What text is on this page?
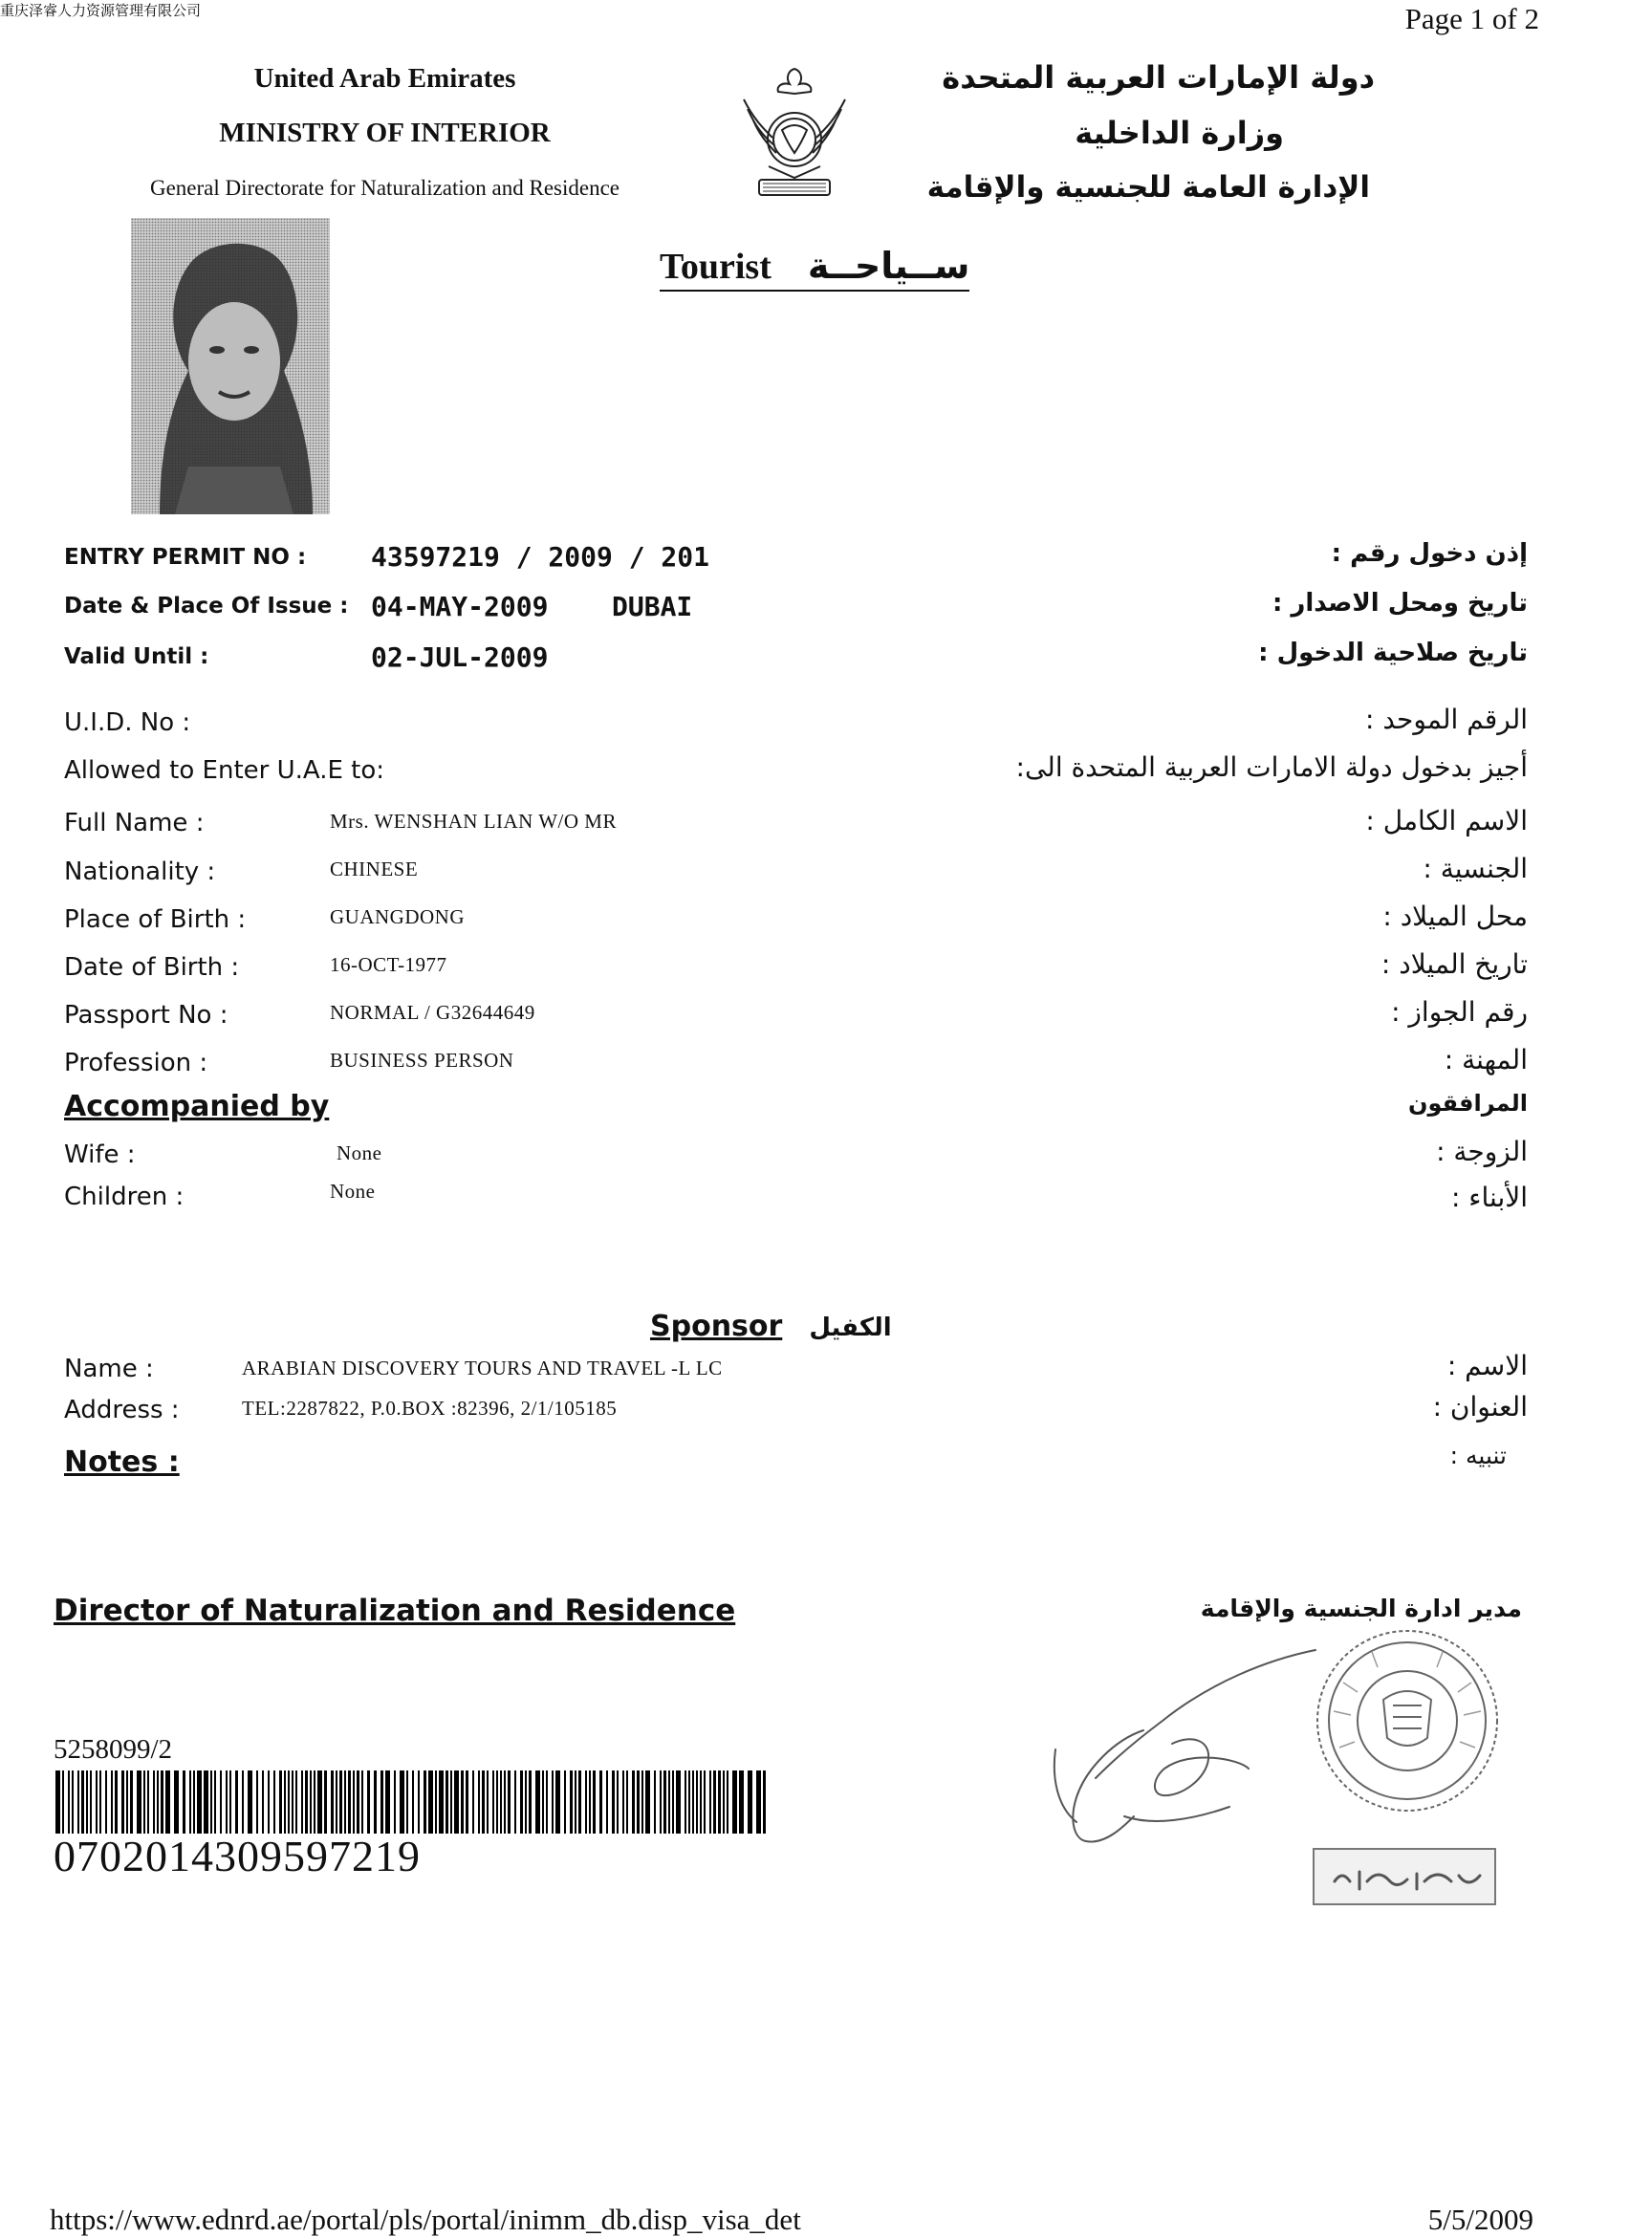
重庆泽睿人力资源管理有限公司	Page 1 of 2
United Arab Emirates
MINISTRY OF INTERIOR
General Directorate for Naturalization and Residence
دولة الإمارات العربية المتحدة
وزارة الداخلية
الإدارة العامة للجنسية والإقامة
Tourist ســياحــة
ENTRY PERMIT NO : 43597219 / 2009 / 201	إذن دخول رقم :
Date & Place Of Issue : 04-MAY-2009 DUBAI	تاريخ ومحل الاصدار :
Valid Until :	02-JUL-2009	تاريخ صلاحية الدخول :
U.I.D. No :	الرقم الموحد :
Allowed to Enter U.A.E to:	أجيز بدخول دولة الامارات العربية المتحدة الى:
Full Name :	Mrs. WENSHAN LIAN W/O MR	الاسم الكامل :
Nationality :	CHINESE	الجنسية :
Place of Birth :	GUANGDONG	محل الميلاد :
Date of Birth :	16-OCT-1977	تاريخ الميلاد :
Passport No :	NORMAL / G32644649	رقم الجواز :
Profession :	BUSINESS PERSON	المهنة :
Accompanied by	المرافقون
Wife :	None	الزوجة :
Children :	None	الأبناء :
Sponsor الكفيل
Name :	ARABIAN DISCOVERY TOURS AND TRAVEL -L LC	الاسم :
Address :	TEL:2287822, P.0.BOX :82396, 2/1/105185	العنوان :
Notes :	تنبيه :
Director of Naturalization and Residence	مدير ادارة الجنسية والإقامة
5258099/2
0702014309597219
https://www.ednrd.ae/portal/pls/portal/inimm_db.disp_visa_det	5/5/2009
